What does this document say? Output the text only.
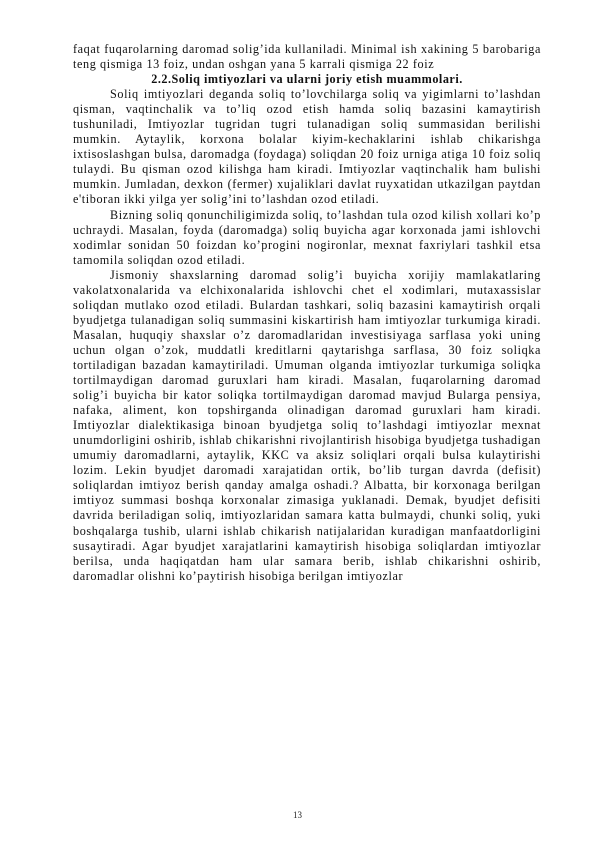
faqat fuqarolarning daromad solig’ida kullaniladi. Minimal ish xakining 5 barobariga teng qismiga 13 foiz, undan oshgan yana 5 karrali qismiga 22 foiz

2.2.Soliq imtiyozlari va ularni joriy etish muammolari.

Soliq imtiyozlari deganda soliq to’lovchilarga soliq va yigimlarni to’lashdan qisman, vaqtinchalik va to’liq ozod etish hamda soliq bazasini kamaytirish tushuniladi, Imtiyozlar tugridan tugri tulanadigan soliq summasidan berilishi mumkin. Aytaylik, korxona bolalar kiyim-kechaklarini ishlab chikarishga ixtisoslashgan bulsa, daromadga (foydaga) soliqdan 20 foiz urniga atiga 10 foiz soliq tulaydi. Bu qisman ozod kilishga ham kiradi. Imtiyozlar vaqtinchalik ham bulishi mumkin. Jumladan, dexkon (fermer) xujaliklari davlat ruyxatidan utkazilgan paytdan e'tiboran ikki yilga yer solig’ini to’lashdan ozod etiladi.

Bizning soliq qonunchiligimizda soliq, to’lashdan tula ozod kilish xollari ko’p uchraydi. Masalan, foyda (daromadga) soliq buyicha agar korxonada jami ishlovchi xodimlar sonidan 50 foizdan ko’progini nogironlar, mexnat faxriylari tashkil etsa tamomila soliqdan ozod etiladi.

Jismoniy shaxslarning daromad solig’i buyicha xorijiy mamlakatlaring vakolatxonalarida va elchixonalarida ishlovchi chet el xodimlari, mutaxassislar soliqdan mutlako ozod etiladi. Bulardan tashkari, soliq bazasini kamaytirish orqali byudjetga tulanadigan soliq summasini kiskartirish ham imtiyozlar turkumiga kiradi. Masalan, huquqiy shaxslar o’z daromadlaridan investisiyaga sarflasa yoki uning uchun olgan o’zok, muddatli kreditlarni qaytarishga sarflasa, 30 foiz soliqka tortiladigan bazadan kamaytiriladi. Umuman olganda imtiyozlar turkumiga soliqka tortilmaydigan daromad guruxlari ham kiradi. Masalan, fuqarolarning daromad solig’i buyicha bir kator soliqka tortilmaydigan daromad mavjud Bularga pensiya, nafaka, aliment, kon topshirganda olinadigan daromad guruxlari ham kiradi. Imtiyozlar dialektikasiga binoan byudjetga soliq to’lashdagi imtiyozlar mexnat unumdorligini oshirib, ishlab chikarishni rivojlantirish hisobiga byudjetga tushadigan umumiy daromadlarni, aytaylik, KKC va aksiz soliqlari orqali bulsa kulaytirishi lozim. Lekin byudjet daromadi xarajatidan ortik, bo’lib turgan davrda (defisit) soliqlardan imtiyoz berish qanday amalga oshadi.? Albatta, bir korxonaga berilgan imtiyoz summasi boshqa korxonalar zimasiga yuklanadi. Demak, byudjet defisiti davrida beriladigan soliq, imtiyozlaridan samara katta bulmaydi, chunki soliq, yuki boshqalarga tushib, ularni ishlab chikarish natijalaridan kuradigan manfaatdorligini susaytiradi. Agar byudjet xarajatlarini kamaytirish hisobiga soliqlardan imtiyozlar berilsa, unda haqiqatdan ham ular samara berib, ishlab chikarishni oshirib, daromadlar olishni ko’paytirish hisobiga berilgan imtiyozlar

13
